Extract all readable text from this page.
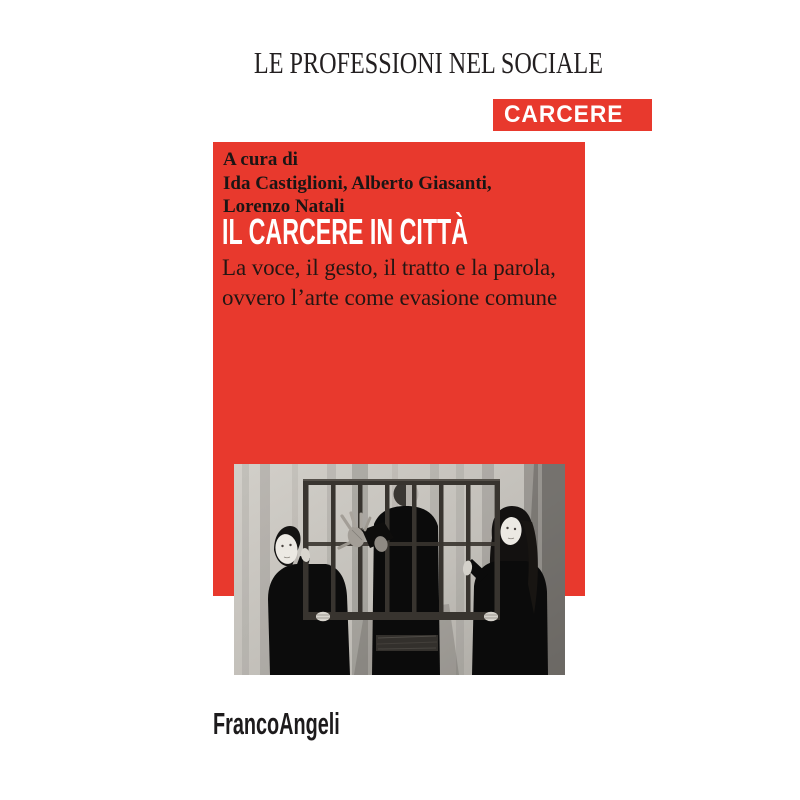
LE PROFESSIONI NEL SOCIALE
CARCERE
A cura di
Ida Castiglioni, Alberto Giasanti,
Lorenzo Natali
IL CARCERE IN CITTÀ
La voce, il gesto, il tratto e la parola,
ovvero l’arte come evasione comune
FrancoAngeli
